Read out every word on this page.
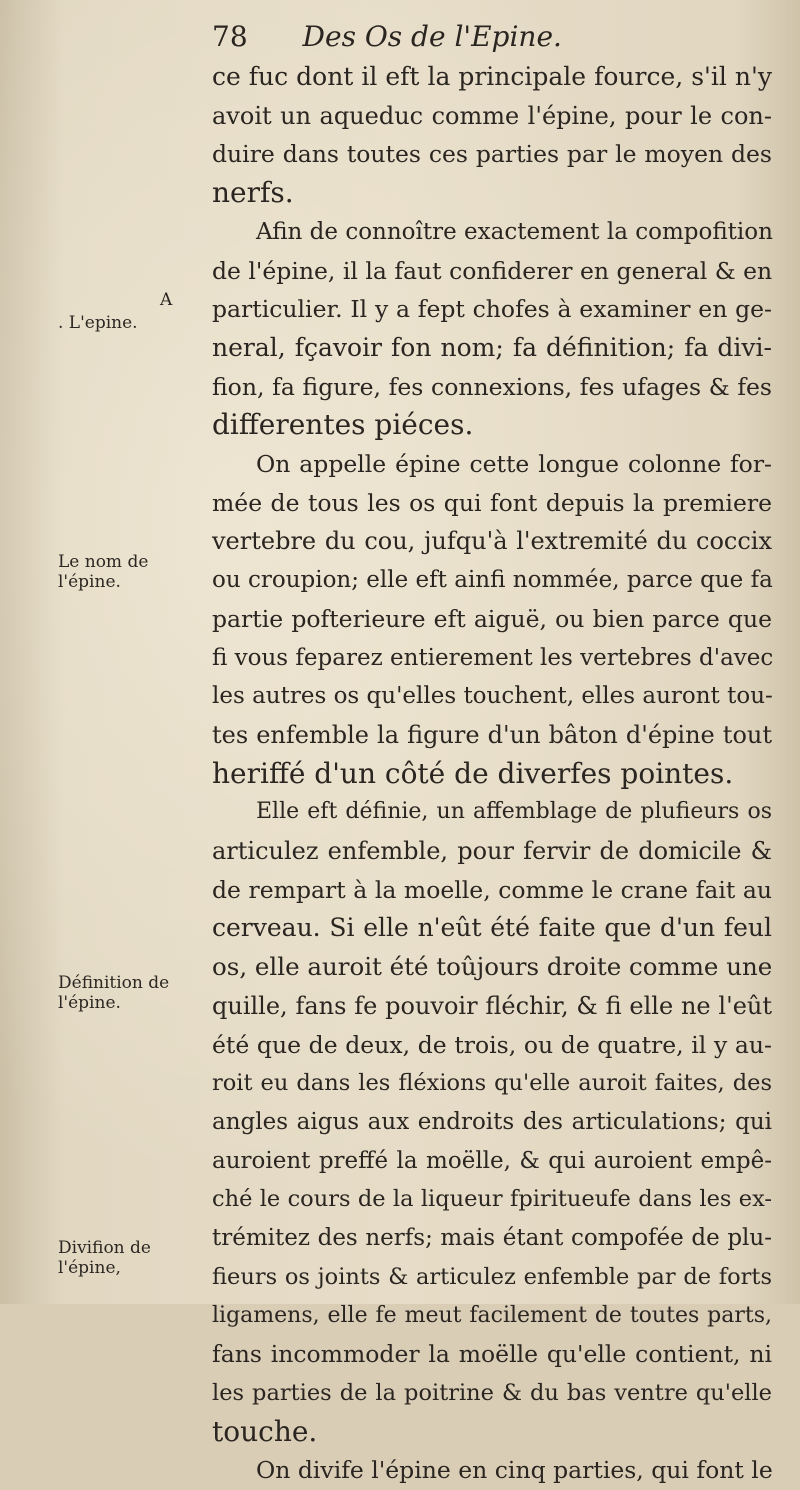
78 Des Os de l'Epine.
A
. L'epine.
Le nom de l'épine.
Définition de l'épine.
Divifion de l'épine,

ce fuc dont il eft la principale fource, s'il n'y
avoit un aqueduc comme l'épine, pour le con-
duire dans toutes ces parties par le moyen des
nerfs.

Afin de connoître exactement la compofition
de l'épine, il la faut confiderer en general & en
particulier. Il y a fept chofes à examiner en ge-
neral, fçavoir fon nom; fa définition; fa divi-
fion, fa figure, fes connexions, fes ufages & fes
differentes piéces.

On appelle épine cette longue colonne for-
mée de tous les os qui font depuis la premiere
vertebre du cou, jufqu'à l'extremité du coccix
ou croupion; elle eft ainfi nommée, parce que fa
partie pofterieure eft aiguë, ou bien parce que
fi vous feparez entierement les vertebres d'avec
les autres os qu'elles touchent, elles auront tou-
tes enfemble la figure d'un bâton d'épine tout
heriffé d'un côté de diverfes pointes.

Elle eft définie, un affemblage de plufieurs os
articulez enfemble, pour fervir de domicile &
de rempart à la moelle, comme le crane fait au
cerveau. Si elle n'eût été faite que d'un feul
os, elle auroit été toûjours droite comme une
quille, fans fe pouvoir fléchir, & fi elle ne l'eût
été que de deux, de trois, ou de quatre, il y au-
roit eu dans les fléxions qu'elle auroit faites, des
angles aigus aux endroits des articulations; qui
auroient preffé la moëlle, & qui auroient empê-
ché le cours de la liqueur fpiritueufe dans les ex-
trémitez des nerfs; mais étant compofée de plu-
fieurs os joints & articulez enfemble par de forts
ligamens, elle fe meut facilement de toutes parts,
fans incommoder la moëlle qu'elle contient, ni
les parties de la poitrine & du bas ventre qu'elle
touche.

On divife l'épine en cinq parties, qui font le
